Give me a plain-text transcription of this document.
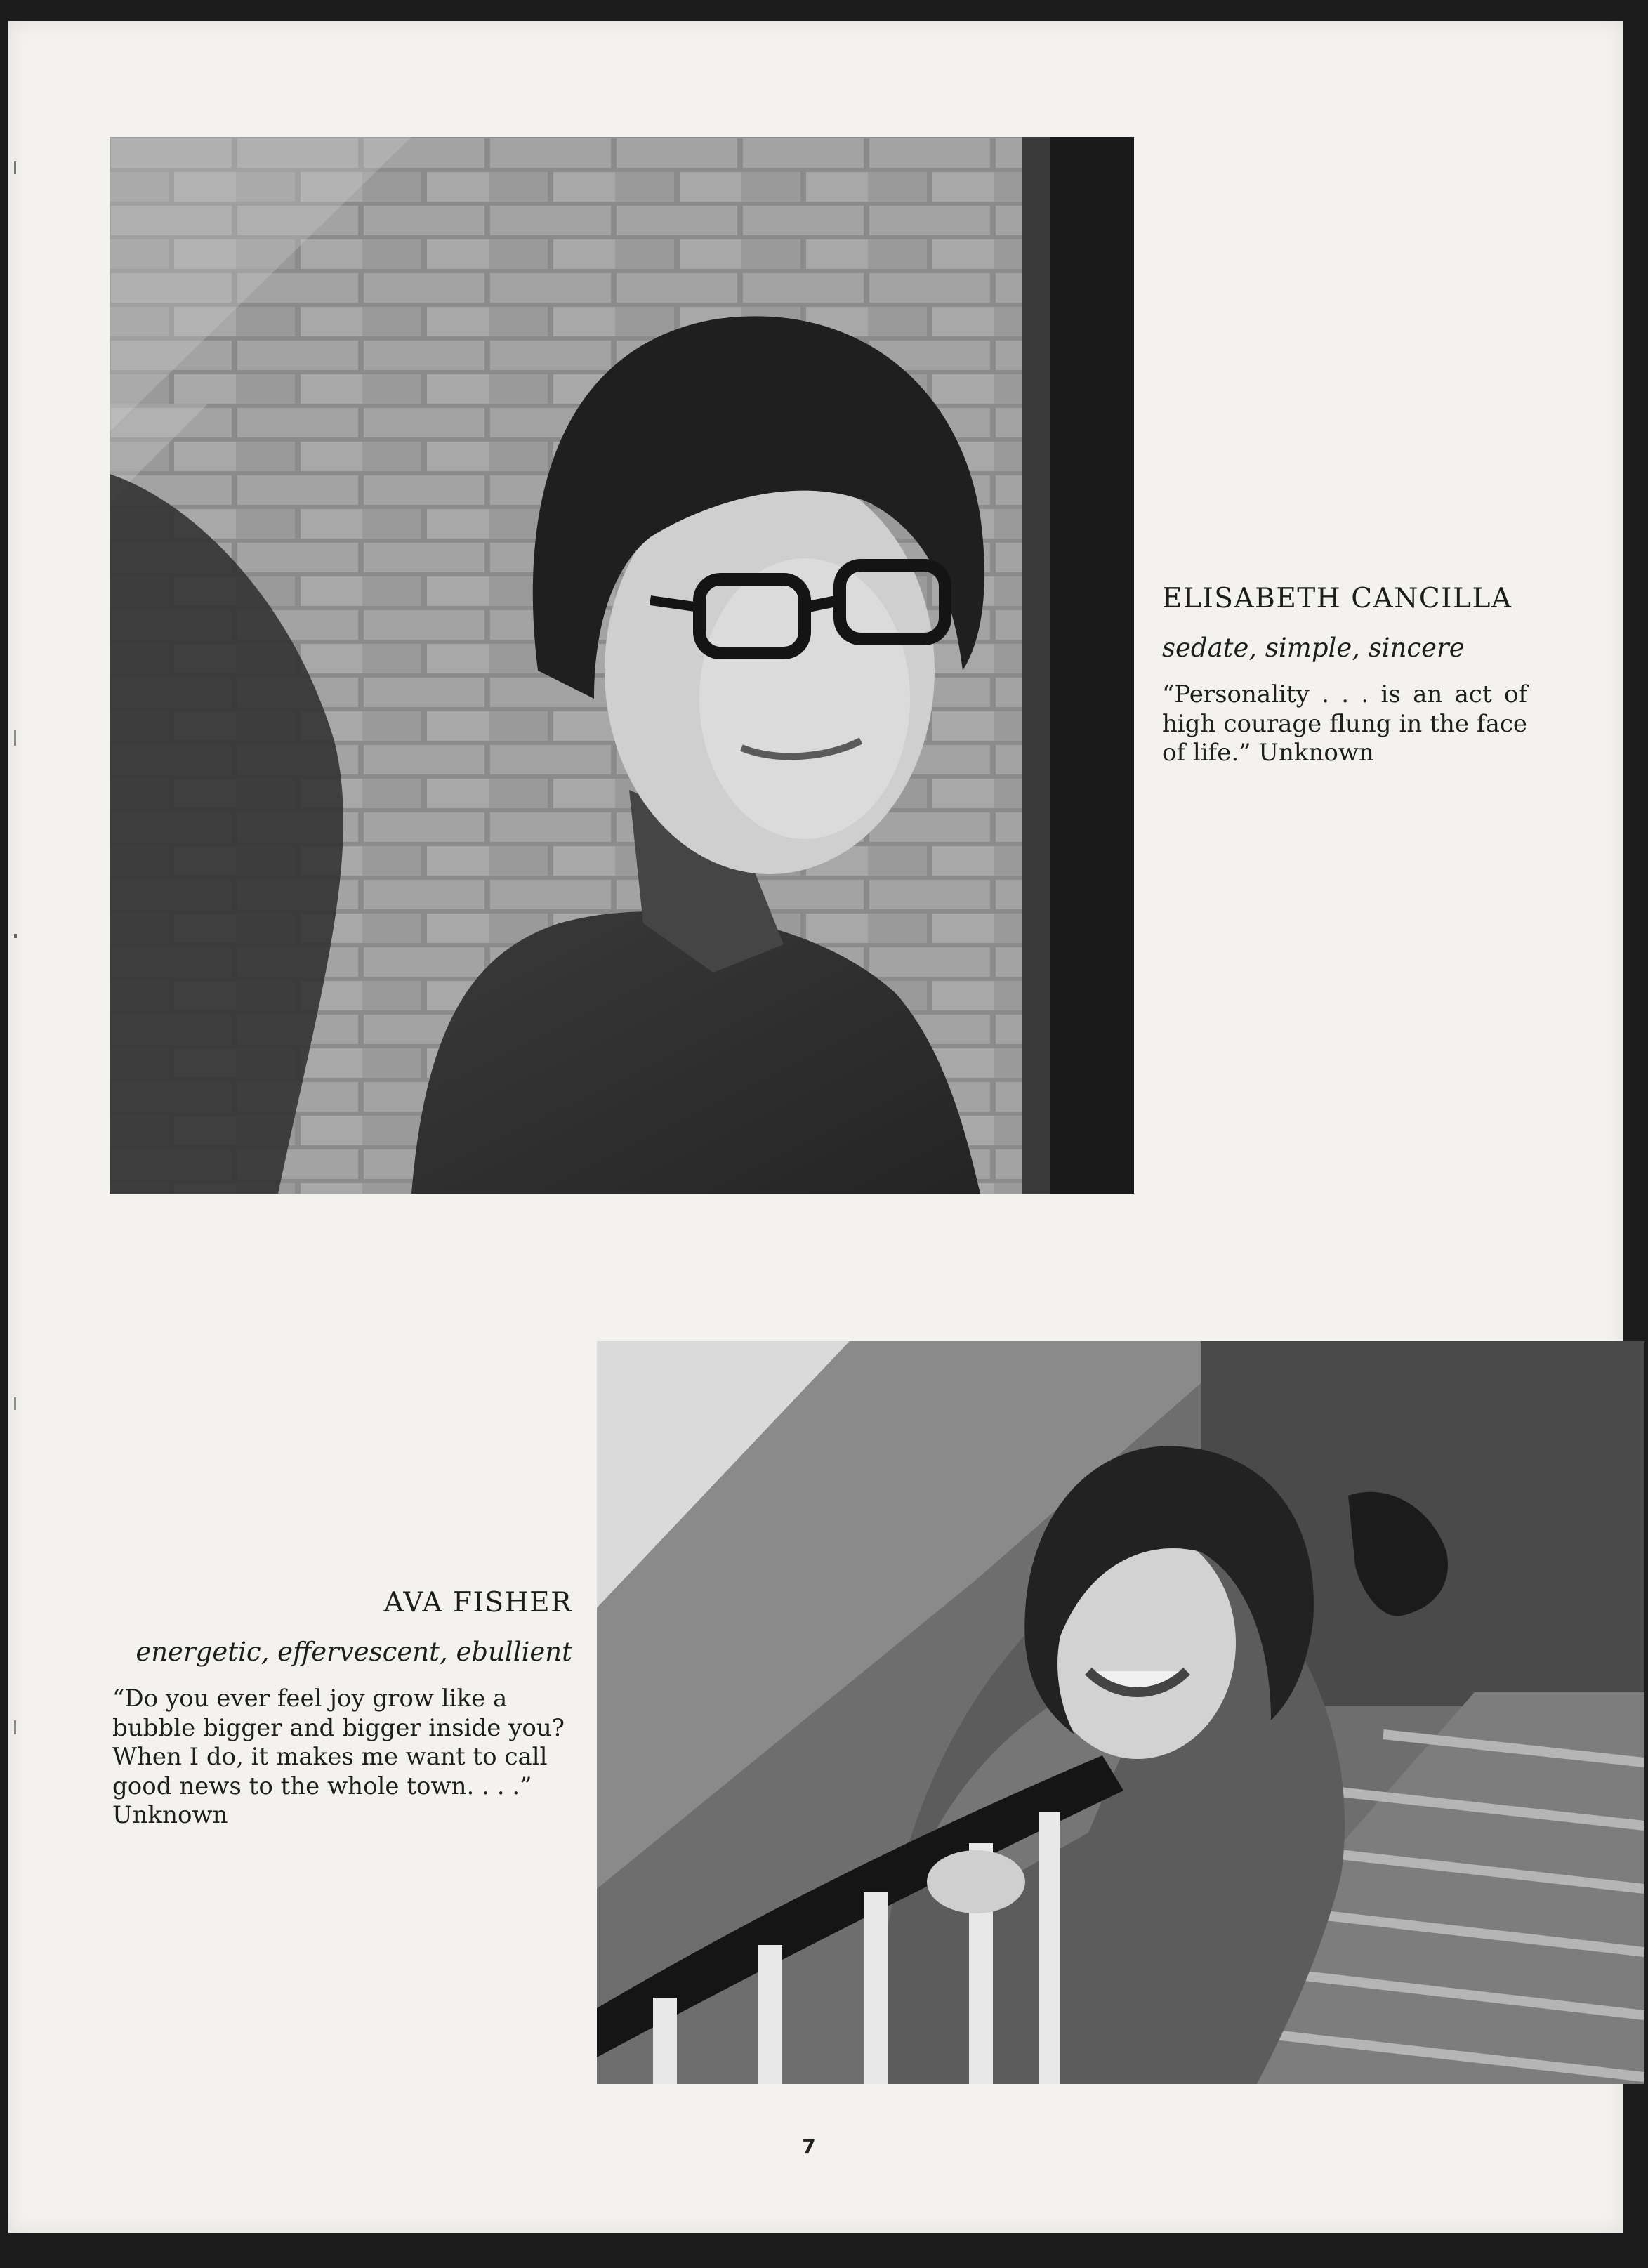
ELISABETH CANCILLA
sedate, simple, sincere

“Personality . . . is an act of high courage flung in the face of life.” Unknown

AVA FISHER
energetic, effervescent, ebullient

“Do you ever feel joy grow like a bubble bigger and bigger inside you? When I do, it makes me want to call good news to the whole town. . . .”
Unknown

7
